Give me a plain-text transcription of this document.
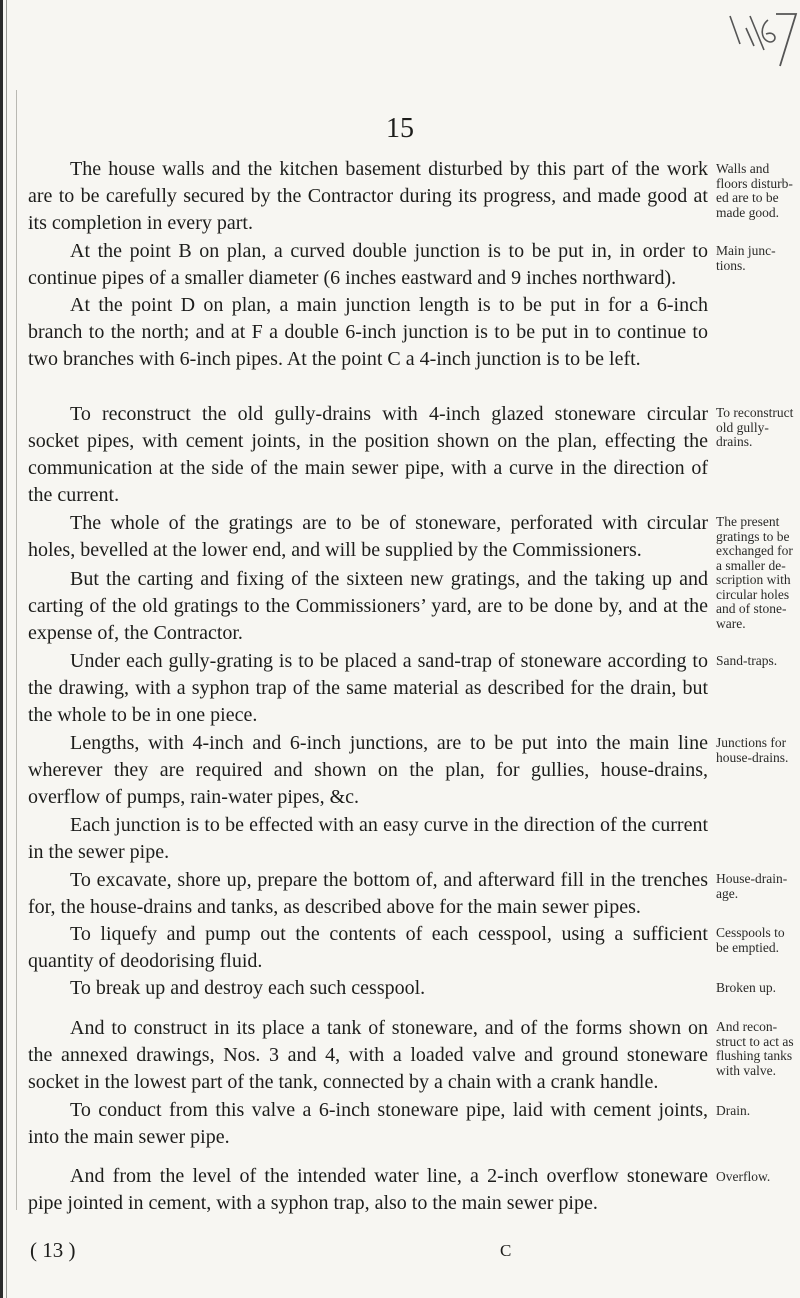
15
The house walls and the kitchen basement disturbed by this part of the work are to be carefully secured by the Contractor during its progress, and made good at its completion in every part.
At the point B on plan, a curved double junction is to be put in, in order to continue pipes of a smaller diameter (6 inches eastward and 9 inches northward).
At the point D on plan, a main junction length is to be put in for a 6-inch branch to the north; and at F a double 6-inch junction is to be put in to continue to two branches with 6-inch pipes. At the point C a 4-inch junction is to be left.
To reconstruct the old gully-drains with 4-inch glazed stoneware circular socket pipes, with cement joints, in the position shown on the plan, effecting the communication at the side of the main sewer pipe, with a curve in the direction of the current.
The whole of the gratings are to be of stoneware, perforated with circular holes, bevelled at the lower end, and will be supplied by the Commissioners.
But the carting and fixing of the sixteen new gratings, and the taking up and carting of the old gratings to the Commissioners’ yard, are to be done by, and at the expense of, the Contractor.
Under each gully-grating is to be placed a sand-trap of stoneware according to the drawing, with a syphon trap of the same material as described for the drain, but the whole to be in one piece.
Lengths, with 4-inch and 6-inch junctions, are to be put into the main line wherever they are required and shown on the plan, for gullies, house-drains, overflow of pumps, rain-water pipes, &c.
Each junction is to be effected with an easy curve in the direction of the current in the sewer pipe.
To excavate, shore up, prepare the bottom of, and afterward fill in the trenches for, the house-drains and tanks, as described above for the main sewer pipes.
To liquefy and pump out the contents of each cesspool, using a sufficient quantity of deodorising fluid.
To break up and destroy each such cesspool.
And to construct in its place a tank of stoneware, and of the forms shown on the annexed drawings, Nos. 3 and 4, with a loaded valve and ground stoneware socket in the lowest part of the tank, connected by a chain with a crank handle.
To conduct from this valve a 6-inch stoneware pipe, laid with cement joints, into the main sewer pipe.
And from the level of the intended water line, a 2-inch overflow stoneware pipe jointed in cement, with a syphon trap, also to the main sewer pipe.
Walls and floors disturb-ed are to be made good.
Main junc-tions.
To reconstruct old gully-drains.
The present gratings to be exchanged for a smaller de-scription with circular holes and of stone-ware.
Sand-traps.
Junctions for house-drains.
House-drain-age.
Cesspools to be emptied.
Broken up.
And recon-struct to act as flushing tanks with valve.
Drain.
Overflow.
( 13 )	C
